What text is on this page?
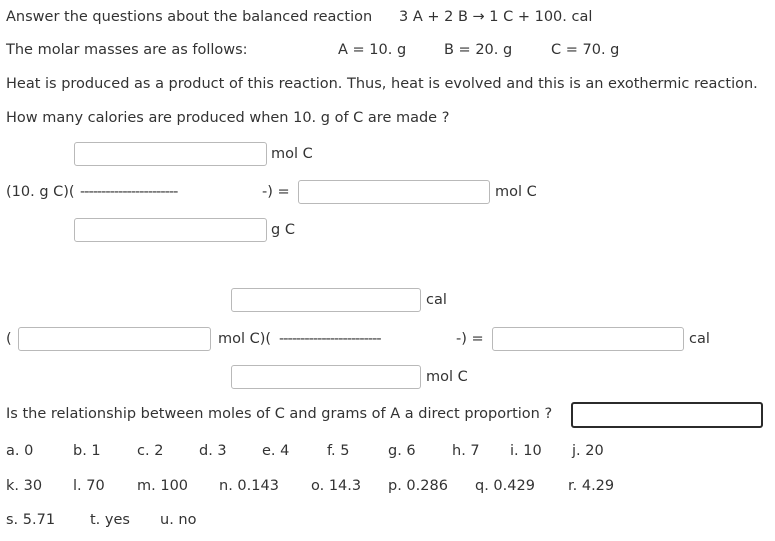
Answer the questions about the balanced reaction 3 A + 2 B → 1 C + 100. cal
The molar masses are as follows:	A = 10. g	B = 20. g	C = 70. g
Heat is produced as a product of this reaction. Thus, heat is evolved and this is an exothermic reaction.
How many calories are produced when 10. g of C are made ?
mol C
(10. g C)( -----------------------	-) =	mol C
g C
cal
(	mol C)( ------------------------	-) =	cal
mol C
Is the relationship between moles of C and grams of A a direct proportion ?
a. 0	b. 1	c. 2 d. 3 e. 4	f. 5	g. 6	h. 7 i. 10 j. 20
k. 30 l. 70 m. 100 n. 0.143 o. 14.3 p. 0.286 q. 0.429 r. 4.29
s. 5.71 t. yes u. no
